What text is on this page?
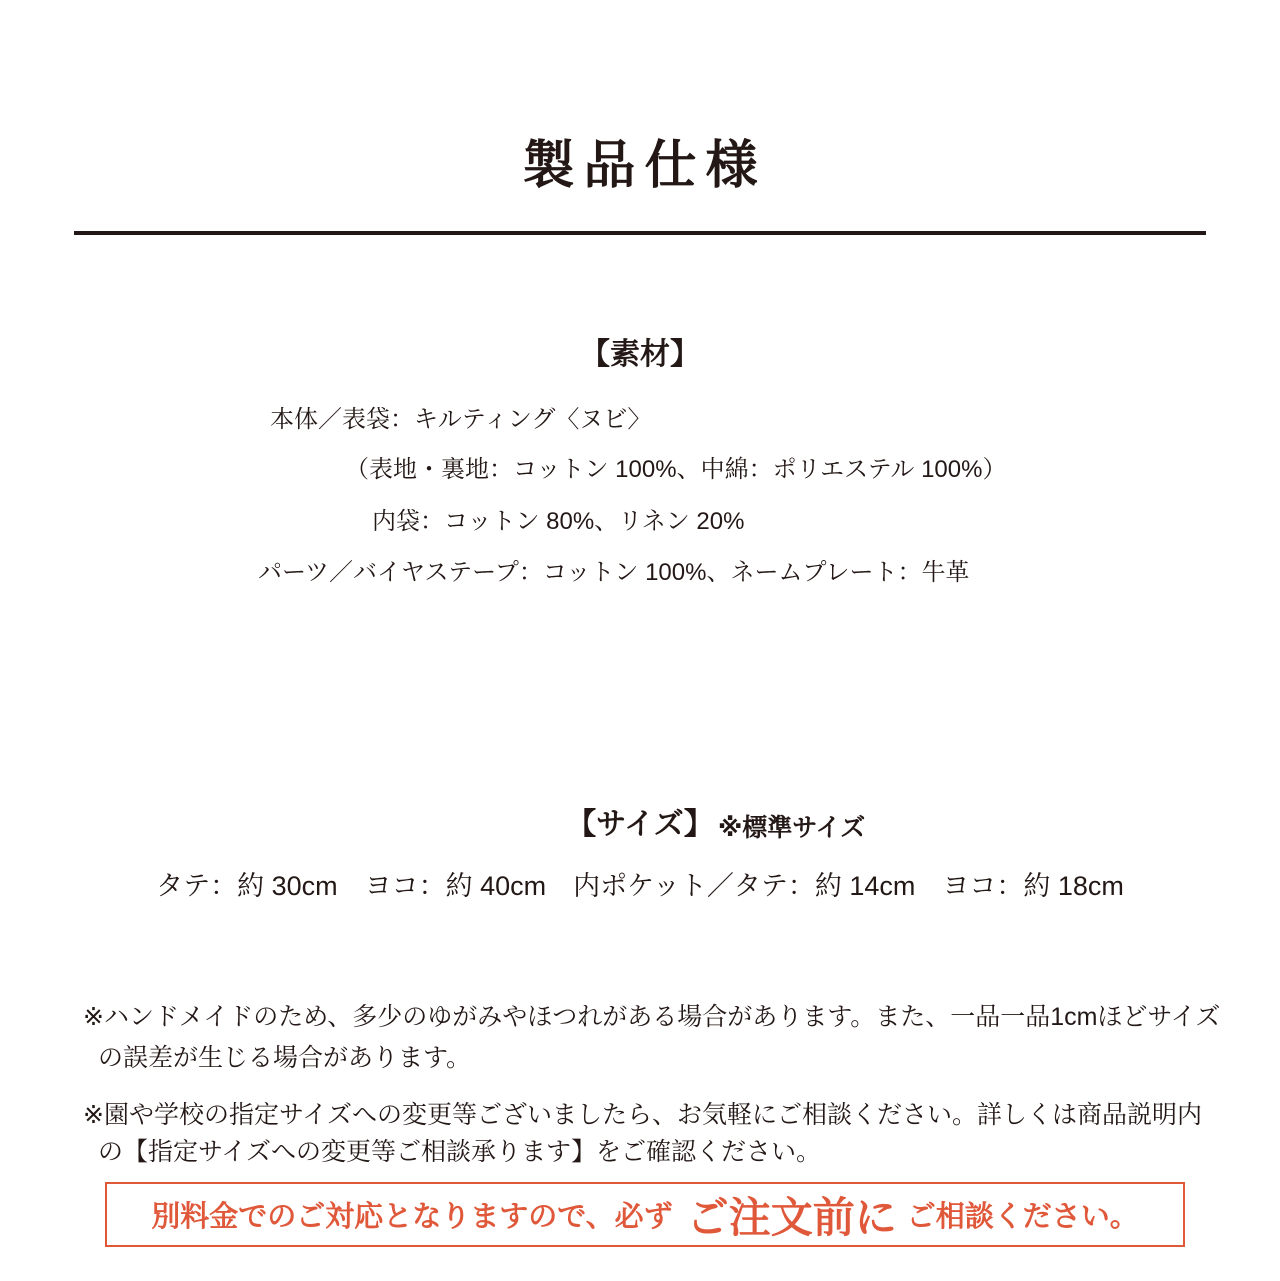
製品仕様
【素材】
本体／表袋：キルティング〈ヌビ〉
（表地・裏地：コットン 100%、中綿：ポリエステル 100%）
内袋：コットン 80%、リネン 20%
パーツ／バイヤステープ：コットン 100%、ネームプレート：牛革
【サイズ】 ※標準サイズ
タテ：約 30cm　ヨコ：約 40cm　内ポケット／タテ：約 14cm　ヨコ：約 18cm
※ハンドメイドのため、多少のゆがみやほつれがある場合があります。また、一品一品1cmほどサイズ
の誤差が生じる場合があります。
※園や学校の指定サイズへの変更等ございましたら、お気軽にご相談ください。詳しくは商品説明内
の【指定サイズへの変更等ご相談承ります】をご確認ください。
別料金でのご対応となりますので、必ず ご注文前に ご相談ください。
